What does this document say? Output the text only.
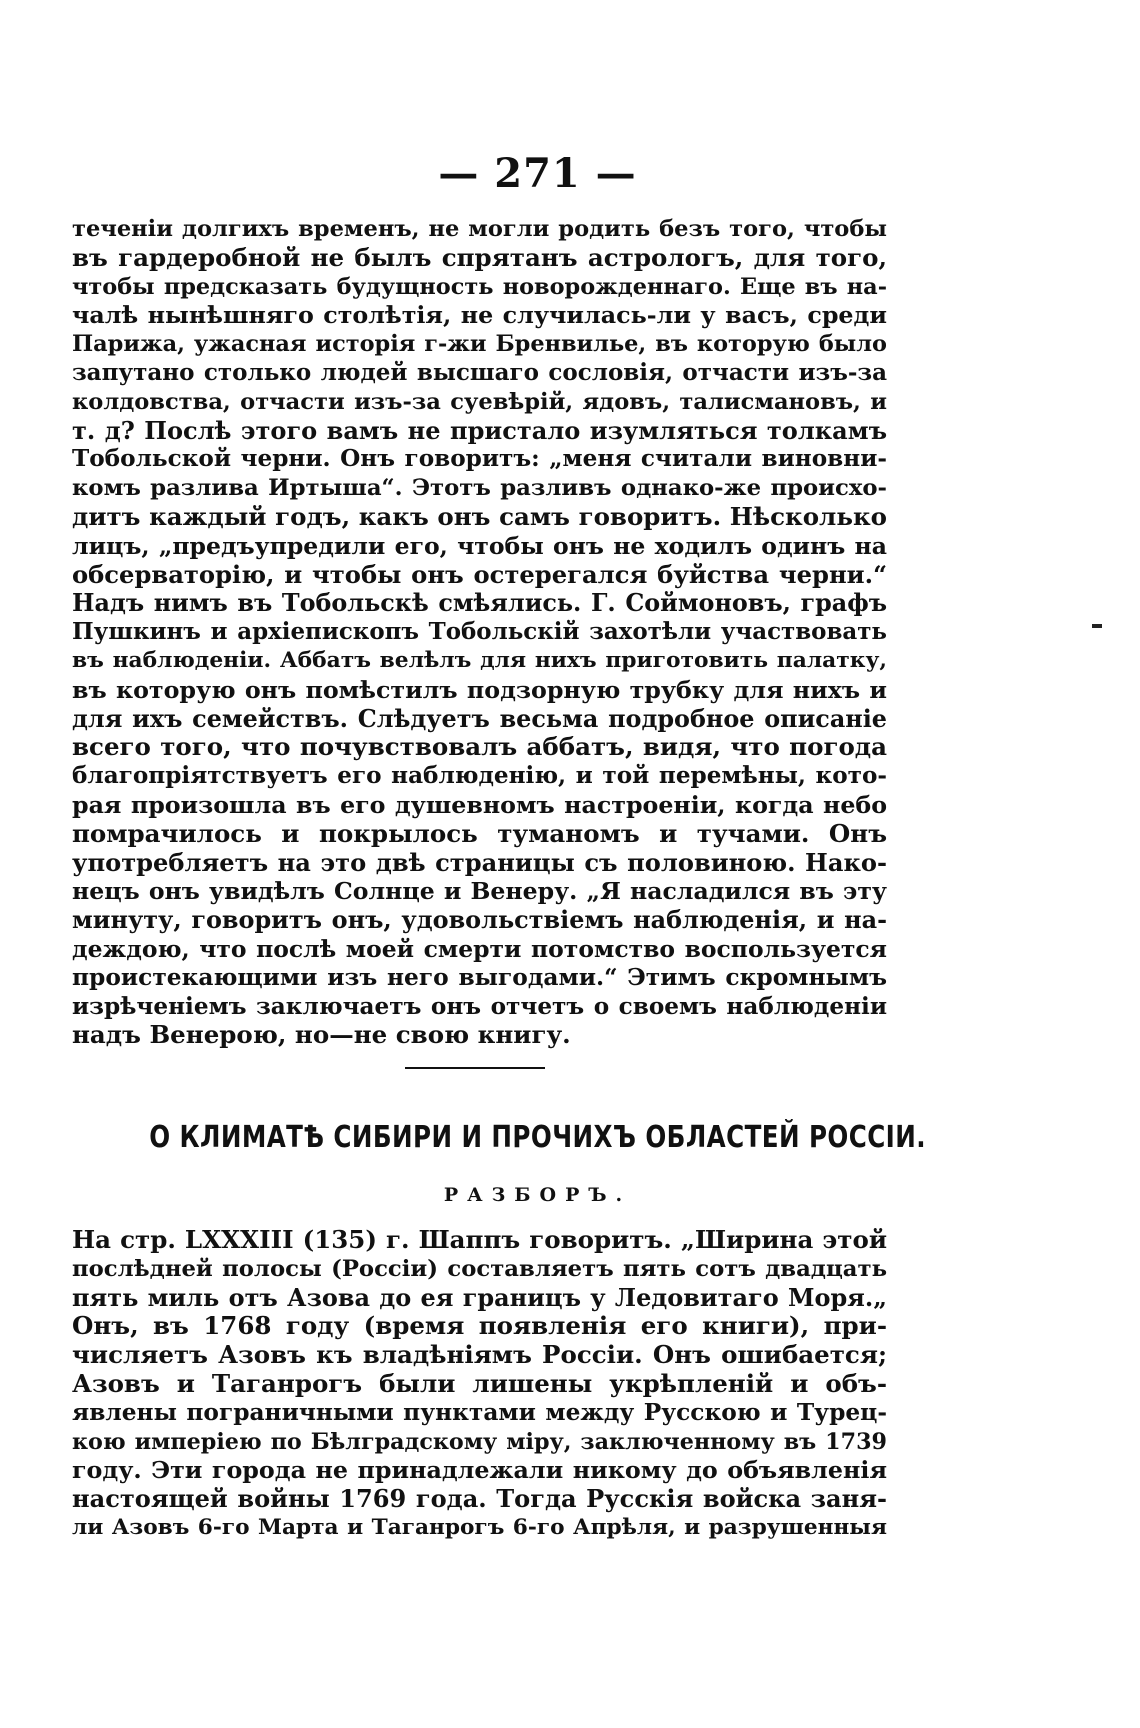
— 271 —
теченіи долгихъ временъ, не могли родить безъ того, чтобы
въ гардеробной не былъ спрятанъ астрологъ, для того,
чтобы предсказать будущность новорожденнаго. Еще въ на-
чалѣ нынѣшняго столѣтія, не случилась-ли у васъ, среди
Парижа, ужасная исторія г-жи Бренвилье, въ которую было
запутано столько людей высшаго сословія, отчасти изъ-за
колдовства, отчасти изъ-за суевѣрій, ядовъ, талисмановъ, и
т. д? Послѣ этого вамъ не пристало изумляться толкамъ
Тобольской черни. Онъ говоритъ: „меня считали виновни-
комъ разлива Иртыша“. Этотъ разливъ однако-же происхо-
дитъ каждый годъ, какъ онъ самъ говоритъ. Нѣсколько
лицъ, „предъупредили его, чтобы онъ не ходилъ одинъ на
обсерваторію, и чтобы онъ остерегался буйства черни.“
Надъ нимъ въ Тобольскѣ смѣялись. Г. Соймоновъ, графъ
Пушкинъ и архіепископъ Тобольскій захотѣли участвовать
въ наблюденіи. Аббатъ велѣлъ для нихъ приготовить палатку,
въ которую онъ помѣстилъ подзорную трубку для нихъ и
для ихъ семействъ. Слѣдуетъ весьма подробное описаніе
всего того, что почувствовалъ аббатъ, видя, что погода
благопріятствуетъ его наблюденію, и той перемѣны, кото-
рая произошла въ его душевномъ настроеніи, когда небо
помрачилось и покрылось туманомъ и тучами. Онъ
употребляетъ на это двѣ страницы съ половиною. Нако-
нецъ онъ увидѣлъ Солнце и Венеру. „Я насладился въ эту
минуту, говоритъ онъ, удовольствіемъ наблюденія, и на-
деждою, что послѣ моей смерти потомство воспользуется
проистекающими изъ него выгодами.“ Этимъ скромнымъ
изрѣченіемъ заключаетъ онъ отчетъ о своемъ наблюденіи
надъ Венерою, но—не свою книгу.
О КЛИМАТѢ СИБИРИ И ПРОЧИХЪ ОБЛАСТЕЙ РОССІИ.
РАЗБОРЪ.
На стр. LXXXIII (135) г. Шаппъ говоритъ. „Ширина этой
послѣдней полосы (Россіи) составляетъ пять сотъ двадцать
пять миль отъ Азова до ея границъ у Ледовитаго Моря.„
Онъ, въ 1768 году (время появленія его книги), при-
числяетъ Азовъ къ владѣніямъ Россіи. Онъ ошибается;
Азовъ и Таганрогъ были лишены укрѣпленій и объ-
явлены пограничными пунктами между Русскою и Турец-
кою имперіею по Бѣлградскому міру, заключенному въ 1739
году. Эти города не принадлежали никому до объявленія
настоящей войны 1769 года. Тогда Русскія войска заня-
ли Азовъ 6-го Марта и Таганрогъ 6-го Апрѣля, и разрушенныя
